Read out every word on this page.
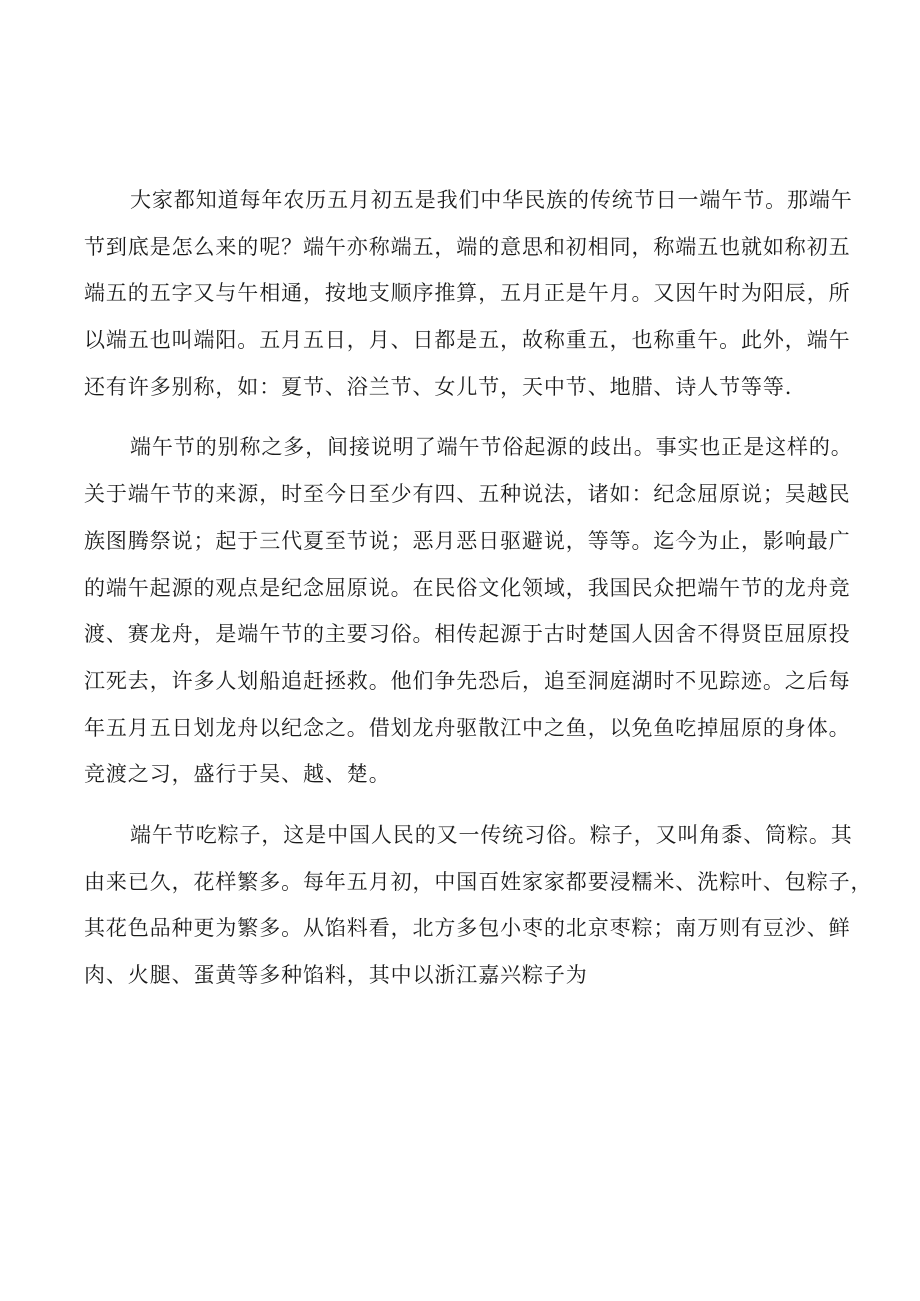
大家都知道每年农历五月初五是我们中华民族的传统节日一端午节。那端午
节到底是怎么来的呢？端午亦称端五，端的意思和初相同，称端五也就如称初五
端五的五字又与午相通，按地支顺序推算，五月正是午月。又因午时为阳辰，所
以端五也叫端阳。五月五日，月、日都是五，故称重五，也称重午。此外，端午
还有许多别称，如：夏节、浴兰节、女儿节，天中节、地腊、诗人节等等.
端午节的别称之多，间接说明了端午节俗起源的歧出。事实也正是这样的。
关于端午节的来源，时至今日至少有四、五种说法，诸如：纪念屈原说；吴越民
族图腾祭说；起于三代夏至节说；恶月恶日驱避说，等等。迄今为止，影响最广
的端午起源的观点是纪念屈原说。在民俗文化领域，我国民众把端午节的龙舟竞
渡、赛龙舟，是端午节的主要习俗。相传起源于古时楚国人因舍不得贤臣屈原投
江死去，许多人划船追赶拯救。他们争先恐后，追至洞庭湖时不见踪迹。之后每
年五月五日划龙舟以纪念之。借划龙舟驱散江中之鱼，以免鱼吃掉屈原的身体。
竞渡之习，盛行于吴、越、楚。
端午节吃粽子，这是中国人民的又一传统习俗。粽子，又叫角黍、筒粽。其
由来已久，花样繁多。每年五月初，中国百姓家家都要浸糯米、洗粽叶、包粽子，
其花色品种更为繁多。从馅料看，北方多包小枣的北京枣粽；南万则有豆沙、鲜
肉、火腿、蛋黄等多种馅料，其中以浙江嘉兴粽子为
